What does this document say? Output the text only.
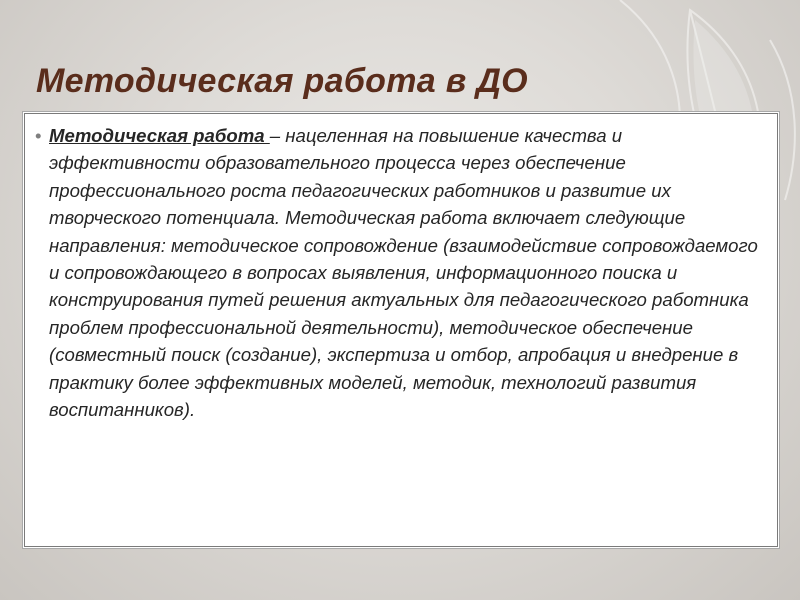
Методическая работа в ДО

• Методическая работа – нацеленная на повышение качества и эффективности образовательного процесса через обеспечение профессионального роста педагогических работников и развитие их творческого потенциала. Методическая работа включает следующие направления: методическое сопровождение (взаимодействие сопровождаемого и сопровождающего в вопросах выявления, информационного поиска и конструирования путей решения актуальных для педагогического работника проблем профессиональной деятельности), методическое обеспечение (совместный поиск (создание), экспертиза и отбор, апробация и внедрение в практику более эффективных моделей, методик, технологий развития воспитанников).
